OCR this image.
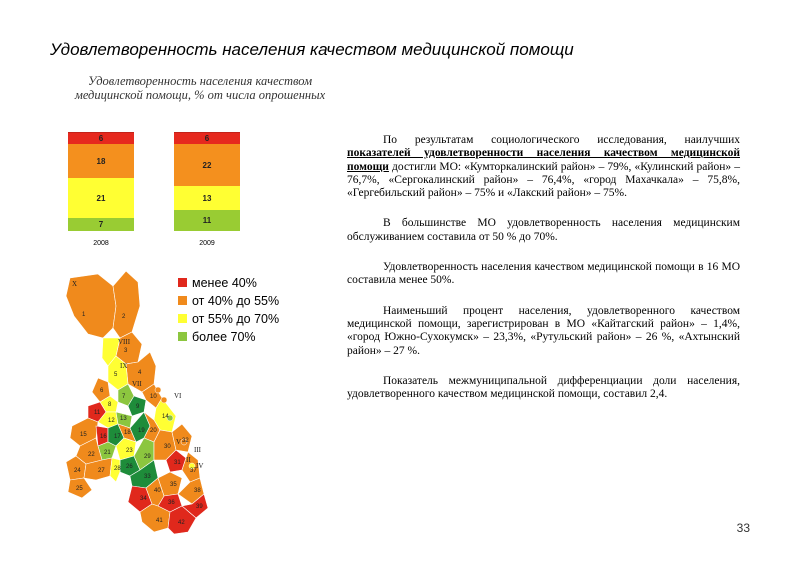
Удовлетворенность населения качеством медицинской помощи
Удовлетворенность населения качеством медицинской помощи, % от числа опрошенных
7
21
18
6
2008
11
13
22
6
2009
менее 40%
от 40% до 55%
от 55% до 70%
более 70%
1	2
3
4
5
6
7
8	9
10
11
12 13	14
15 16 17
18 19 20
21
22
23
24
25
26
27 28
29
30
31
32
33
34
35
36
37
38
39
40
41	42
X
VIII
IX
VII
VI
V
III
II
IV

По результатам социологического исследования, наилучших показателей удовлетворенности населения качеством медицинской помощи достигли МО: «Кумторкалинский район» – 79%, «Кулинский район» – 76,7%, «Сергокалинский район» – 76,4%, «город Махачкала» – 75,8%, «Гергебильский район» – 75% и «Лакский район» – 75%.

В большинстве МО удовлетворенность населения медицинским обслуживанием составила от 50 % до 70%.

Удовлетворенность населения качеством медицинской помощи в 16 МО составила менее 50%.

Наименьший процент населения, удовлетворенного качеством медицинской помощи, зарегистрирован в МО «Кайтагский район» – 1,4%, «город Южно-Сухокумск» – 23,3%, «Рутульский район» – 26 %, «Ахтынский район» – 27 %.

Показатель межмуниципальной дифференциации доли населения, удовлетворенного качеством медицинской помощи, составил 2,4.

33
